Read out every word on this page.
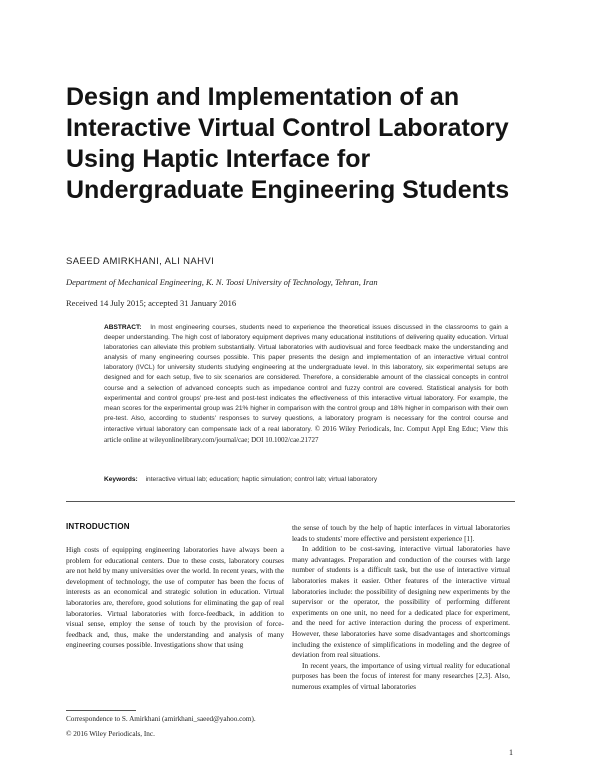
Design and Implementation of an Interactive Virtual Control Laboratory Using Haptic Interface for Undergraduate Engineering Students
SAEED AMIRKHANI, ALI NAHVI
Department of Mechanical Engineering, K. N. Toosi University of Technology, Tehran, Iran
Received 14 July 2015; accepted 31 January 2016

ABSTRACT: In most engineering courses, students need to experience the theoretical issues discussed in the classrooms to gain a deeper understanding. The high cost of laboratory equipment deprives many educational institutions of delivering quality education. Virtual laboratories can alleviate this problem substantially. Virtual laboratories with audiovisual and force feedback make the understanding and analysis of many engineering courses possible. This paper presents the design and implementation of an interactive virtual control laboratory (IVCL) for university students studying engineering at the undergraduate level. In this laboratory, six experimental setups are designed and for each setup, five to six scenarios are considered. Therefore, a considerable amount of the classical concepts in control course and a selection of advanced concepts such as impedance control and fuzzy control are covered. Statistical analysis for both experimental and control groups' pre-test and post-test indicates the effectiveness of this interactive virtual laboratory. For example, the mean scores for the experimental group was 21% higher in comparison with the control group and 18% higher in comparison with their own pre-test. Also, according to students' responses to survey questions, a laboratory program is necessary for the control course and interactive virtual laboratory can compensate lack of a real laboratory. © 2016 Wiley Periodicals, Inc. Comput Appl Eng Educ; View this article online at wileyonlinelibrary.com/journal/cae; DOI 10.1002/cae.21727

Keywords: interactive virtual lab; education; haptic simulation; control lab; virtual laboratory
INTRODUCTION

High costs of equipping engineering laboratories have always been a problem for educational centers. Due to these costs, laboratory courses are not held by many universities over the world. In recent years, with the development of technology, the use of computer has been the focus of interests as an economical and strategic solution in education. Virtual laboratories are, therefore, good solutions for eliminating the gap of real laboratories. Virtual laboratories with force-feedback, in addition to visual sense, employ the sense of touch by the provision of force-feedback and, thus, make the understanding and analysis of many engineering courses possible. Investigations show that using

the sense of touch by the help of haptic interfaces in virtual laboratories leads to students' more effective and persistent experience [1].

In addition to be cost-saving, interactive virtual laboratories have many advantages. Preparation and conduction of the courses with large number of students is a difficult task, but the use of interactive virtual laboratories makes it easier. Other features of the interactive virtual laboratories include: the possibility of designing new experiments by the supervisor or the operator, the possibility of performing different experiments on one unit, no need for a dedicated place for experiment, and the need for active interaction during the process of experiment. However, these laboratories have some disadvantages and shortcomings including the existence of simplifications in modeling and the degree of deviation from real situations.

In recent years, the importance of using virtual reality for educational purposes has been the focus of interest for many researches [2,3]. Also, numerous examples of virtual laboratories

Correspondence to S. Amirkhani (amirkhani_saeed@yahoo.com).
© 2016 Wiley Periodicals, Inc.
1
